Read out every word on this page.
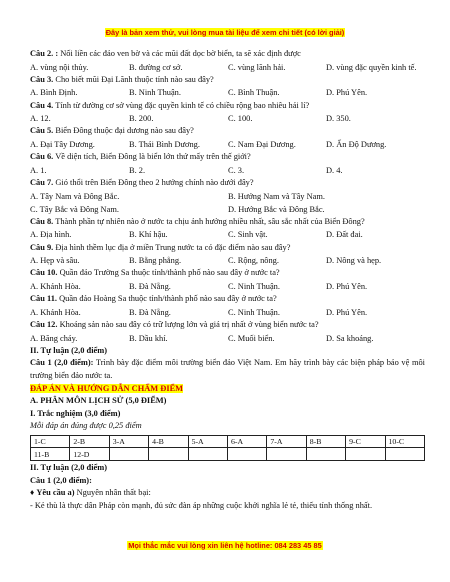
Đây là bản xem thử, vui lòng mua tài liệu để xem chi tiết (có lời giải)
Câu 2. : Nối liền các đảo ven bờ và các mũi đất dọc bờ biển, ta sẽ xác định được
A. vùng nội thủy.	B. đường cơ sở.	C. vùng lãnh hải.	D. vùng đặc quyền kinh tế.
Câu 3. Cho biết mũi Đại Lãnh thuộc tỉnh nào sau đây?
A. Bình Định.	B. Ninh Thuận.	C. Bình Thuận.	D. Phú Yên.
Câu 4. Tính từ đường cơ sở vùng đặc quyền kinh tế có chiều rộng bao nhiêu hải lí?
A. 12.	B. 200.	C. 100.	D. 350.
Câu 5. Biển Đông thuộc đại dương nào sau đây?
A. Đại Tây Dương.	B. Thái Bình Dương.	C. Nam Đại Dương.	D. Ấn Độ Dương.
Câu 6. Về diện tích, Biển Đông là biển lớn thứ mấy trên thế giới?
A. 1.	B. 2.	C. 3.	D. 4.
Câu 7. Gió thổi trên Biển Đông theo 2 hướng chính nào dưới đây?
A. Tây Nam và Đông Bắc.	B. Hướng Nam và Tây Nam.
C. Tây Bắc và Đông Nam.	D. Hướng Bắc và Đông Bắc.
Câu 8. Thành phần tự nhiên nào ở nước ta chịu ảnh hưởng nhiều nhất, sâu sắc nhất của Biển Đông?
A. Địa hình.	B. Khí hậu.	C. Sinh vật.	D. Đất đai.
Câu 9. Địa hình thềm lục địa ở miền Trung nước ta có đặc điểm nào sau đây?
A. Hẹp và sâu.	B. Bằng phẳng.	C. Rộng, nông.	D. Nông và hẹp.
Câu 10. Quần đảo Trường Sa thuộc tỉnh/thành phố nào sau đây ở nước ta?
A. Khánh Hòa.	B. Đà Nẵng.	C. Ninh Thuận.	D. Phú Yên.
Câu 11. Quần đảo Hoàng Sa thuộc tỉnh/thành phố nào sau đây ở nước ta?
A. Khánh Hòa.	B. Đà Nẵng.	C. Ninh Thuận.	D. Phú Yên.
Câu 12. Khoáng sản nào sau đây có trữ lượng lớn và giá trị nhất ở vùng biển nước ta?
A. Băng cháy.	B. Dầu khí.	C. Muối biển.	D. Sa khoáng.
II. Tự luận (2,0 điểm)
Câu 1 (2,0 điểm): Trình bày đặc điểm môi trường biển đảo Việt Nam. Em hãy trình bày các biện pháp bảo vệ môi trường biển đảo nước ta.
ĐÁP ÁN VÀ HƯỚNG DẪN CHẤM ĐIỂM
A. PHÂN MÔN LỊCH SỬ (5,0 ĐIỂM)
I. Trắc nghiệm (3,0 điểm)
Mỗi đáp án đúng được 0,25 điểm
1-C	2-B	3-A	4-B	5-A	6-A	7-A	8-B	9-C	10-C
11-B	12-D								
II. Tự luận (2,0 điểm)
Câu 1 (2,0 điểm):
♦ Yêu cầu a) Nguyên nhân thất bại:
- Kẻ thù là thực dân Pháp còn mạnh, đủ sức đàn áp những cuộc khởi nghĩa lẻ tẻ, thiếu tính thống nhất.
Mọi thắc mắc vui lòng xin liên hệ hotline: 084 283 45 85
